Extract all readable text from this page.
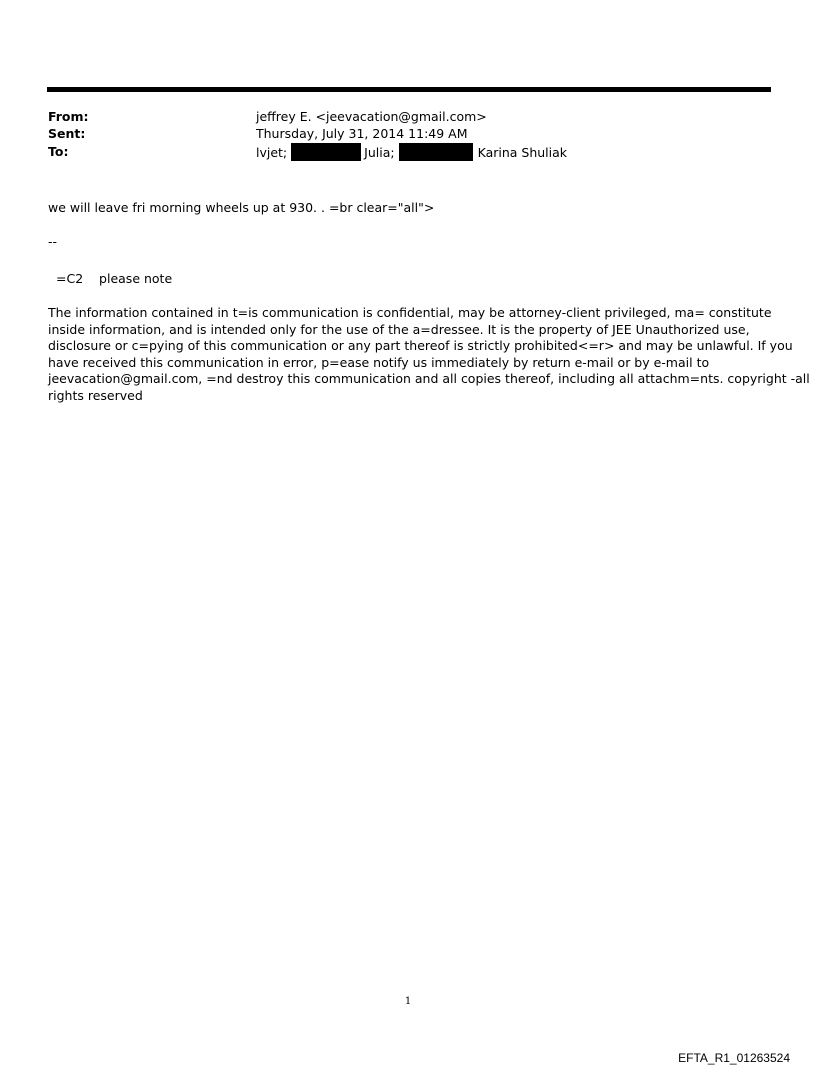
From:	jeffrey E. <jeevacation@gmail.com>
Sent:	Thursday, July 31, 2014 11:49 AM
To:	lvjet;	Julia;	Karina Shuliak
we will leave fri morning wheels up at 930. . =br clear="all">
--
=C2    please note
The information contained in t=is communication is confidential, may be attorney-client privileged, ma= constitute
inside information, and is intended only for the use of the a=dressee. It is the property of JEE Unauthorized use,
disclosure or c=pying of this communication or any part thereof is strictly prohibited<=r> and may be unlawful. If you
have received this communication in error, p=ease notify us immediately by return e-mail or by e-mail to
jeevacation@gmail.com, =nd destroy this communication and all copies thereof, including all attachm=nts. copyright -all
rights reserved
1
EFTA_R1_01263524
